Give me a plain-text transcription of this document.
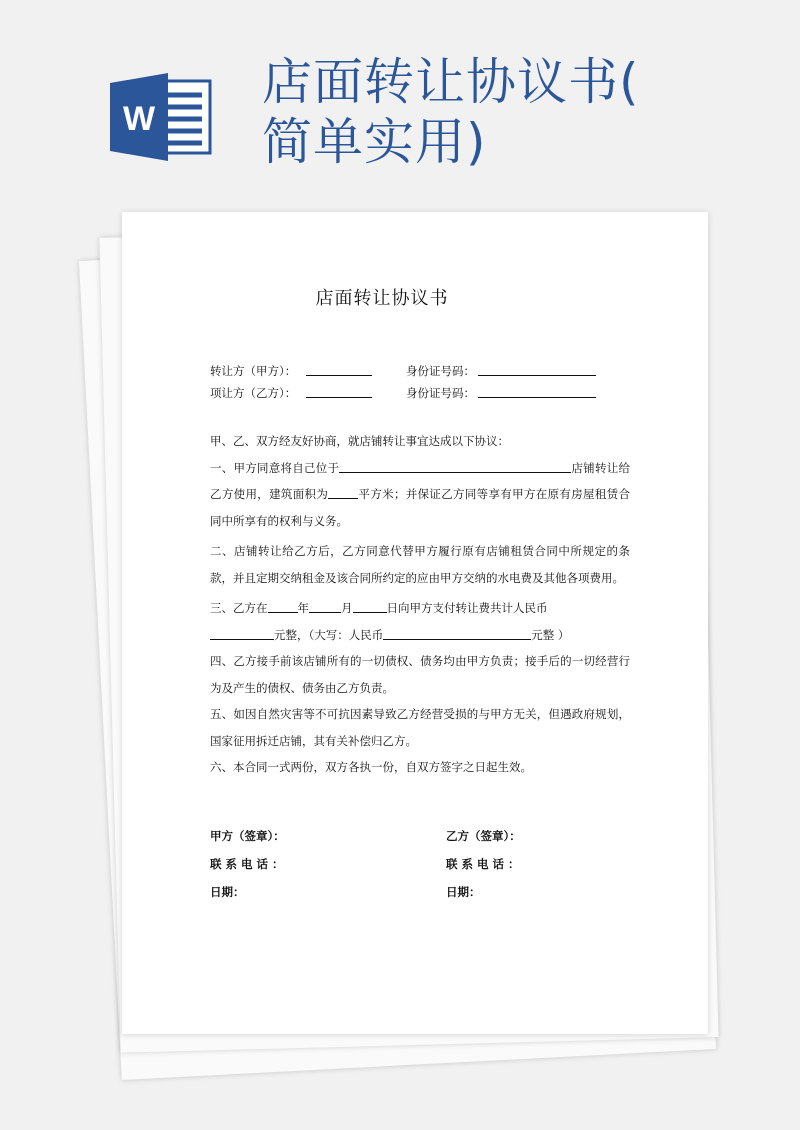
W
店面转让协议书(
简单实用)
店面转让协议书
转让方（甲方）：	身份证号码：
项让方（乙方）：	身份证号码：

甲、乙、双方经友好协商，就店铺转让事宜达成以下协议：

一、甲方同意将自己位于	店铺转让给乙方使用，建筑面积为	平方米；并保证乙方同等享有甲方在原有房屋租赁合同中所享有的权利与义务。

二、店铺转让给乙方后，乙方同意代替甲方履行原有店铺租赁合同中所规定的条款，并且定期交纳租金及该合同所约定的应由甲方交纳的水电费及其他各项费用。

三、乙方在	年	月	日向甲方支付转让费共计人民币
元整，（大写：人民币	元整 ）

四、乙方接手前该店铺所有的一切债权、债务均由甲方负责；接手后的一切经营行为及产生的债权、债务由乙方负责。

五、如因自然灾害等不可抗因素导致乙方经营受损的与甲方无关，但遇政府规划，国家征用拆迁店铺，其有关补偿归乙方。

六、本合同一式两份，双方各执一份，自双方签字之日起生效。

甲方（签章）：	乙方（签章）：
联 系 电 话 ：	联 系 电 话 ：
日期：	日期：
